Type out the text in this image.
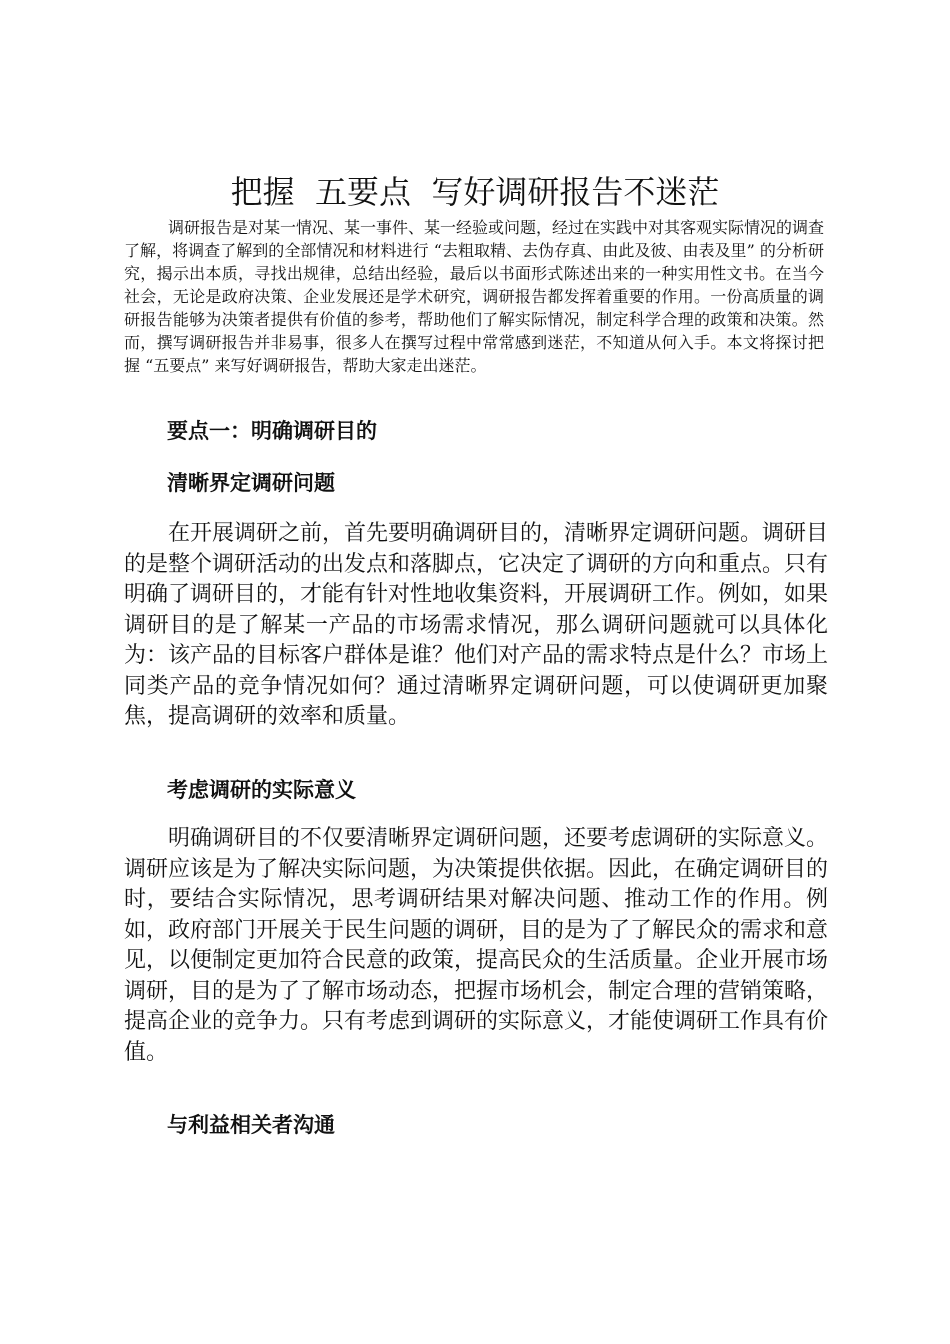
把握  五要点  写好调研报告不迷茫

调研报告是对某一情况、某一事件、某一经验或问题，经过在实践中对其客观实际情况的调查了解，将调查了解到的全部情况和材料进行 “去粗取精、去伪存真、由此及彼、由表及里” 的分析研究，揭示出本质，寻找出规律，总结出经验，最后以书面形式陈述出来的一种实用性文书。在当今社会，无论是政府决策、企业发展还是学术研究，调研报告都发挥着重要的作用。一份高质量的调研报告能够为决策者提供有价值的参考，帮助他们了解实际情况，制定科学合理的政策和决策。然而，撰写调研报告并非易事，很多人在撰写过程中常常感到迷茫，不知道从何入手。本文将探讨把握 “五要点” 来写好调研报告，帮助大家走出迷茫。

要点一：明确调研目的
清晰界定调研问题

在开展调研之前，首先要明确调研目的，清晰界定调研问题。调研目的是整个调研活动的出发点和落脚点，它决定了调研的方向和重点。只有明确了调研目的，才能有针对性地收集资料，开展调研工作。例如，如果调研目的是了解某一产品的市场需求情况，那么调研问题就可以具体化为：该产品的目标客户群体是谁？他们对产品的需求特点是什么？市场上同类产品的竞争情况如何？通过清晰界定调研问题，可以使调研更加聚焦，提高调研的效率和质量。

考虑调研的实际意义

明确调研目的不仅要清晰界定调研问题，还要考虑调研的实际意义。调研应该是为了解决实际问题，为决策提供依据。因此，在确定调研目的时，要结合实际情况，思考调研结果对解决问题、推动工作的作用。例如，政府部门开展关于民生问题的调研，目的是为了了解民众的需求和意见，以便制定更加符合民意的政策，提高民众的生活质量。企业开展市场调研，目的是为了了解市场动态，把握市场机会，制定合理的营销策略，提高企业的竞争力。只有考虑到调研的实际意义，才能使调研工作具有价值。

与利益相关者沟通
